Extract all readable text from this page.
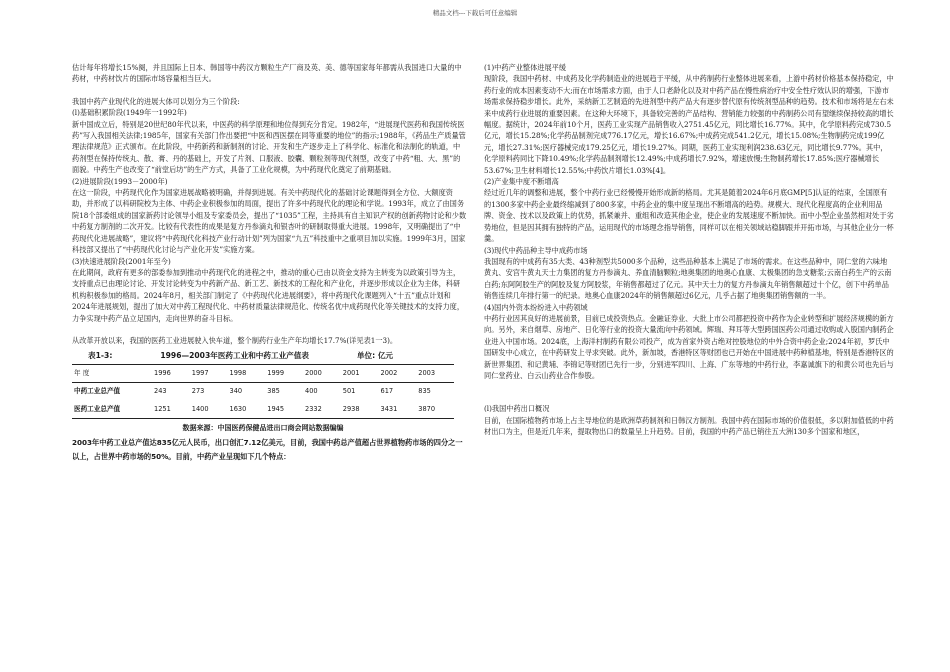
精品文档---下载后可任意编辑

估计每年将增长15%阕，并且国际上日本、韩国等中药汉方颗粒生产厂商及英、美、德等国家每年都需从我国进口大量的中药材，中药材饮片的国际市场容量相当巨大。

我国中药产业现代化的进展大体可以划分为三个阶段:

(l)基础积累阶段(1949年一1992年)

新中国成立后，特别是20世纪80年代以来，中医药的科学原理和地位得到充分肯定。1982年，“进展现代医药和我国传统医药”写入我国相关法律;1985年，国家有关部门作出要把“中医和西医摆在同等重要的地位”的指示;1988年，《药品生产质量管理法律规范》正式颁布。在此阶段，中药新药和新制剂的讨论、开发和生产逐步走上了科学化、标准化和法制化的轨道，中药剂型在保持传统丸、散、膏、丹的基础上，开发了片剂、口服液、胶囊、颗粒剂等现代剂型，改变了中药“粗、大、黑”的面貌。中药生产也改变了“前堂后坊”的生产方式，具备了工业化规模，为中药现代化奠定了前期基础。

(2)进展阶段(1993－2000年)

在这一阶段，中药现代化作为国家进展战略被明确，并得到进展。有关中药现代化的基础讨论课题得到全方位、大额度资助，并形成了以科研院校为主体、中药企业积极参加的局面，提出了许多中药现代化的理论和学说。1993年，成立了由国务院18个部委组成的国家新药讨论领导小组及专家委员会，提出了“1035”工程，主持具有自主知识产权的创新药物讨论和少数中药复方制剂的二次开发。比较有代表性的成果是复方丹参滴丸和银杏叶的研制取得重大进展。1998年，又明确提出了“中药现代化进展战略”，建议将“中药现代化科技产业行动计划”列为国家“九五”科技重中之重项目加以实施。1999年3月，国家科技部又提出了“中药现代化讨论与产业化开发”实施方案。

(3)快速进展阶段(2001年至今)

在此期间，政府有更多的部委参加到推动中药现代化的进程之中，推动的重心已由以资金支持为主转变为以政策引导为主，支持重点已由理论讨论、开发讨论转变为中药新产品、新工艺、新技术的工程化和产业化，并逐步形成以企业为主体，科研机构积极参加的格局。2024年8月，相关部门制定了《中药现代化进展纲要》，将中药现代化课题列入“十五”重点计划和2024年进展规划，提出了加大对中药工程现代化、中药材质量法律规范化、传统名优中成药现代化等关键技术的支持力度，力争实现中药产品立足国内，走向世界的奋斗目标。

从改革开放以来，我国的医药工业进展驶入快车道，整个制药行业生产年均增长17.7%(详见表1一3)。

表1-3:	1996—2003年医药工业和中药工业产值表	单位: 亿元
年 度	1996	1997	1998	1999	2000	2001	2002	2003
中药工业总产值	243	273	340	385	400	501	617	835
医药工业总产值	1251	1400	1630	1945	2332	2938	3431	3870
数据来源：中国医药保健品进出口商会网站数据编编

2003年中药工业总产值达835亿元人民币，出口创汇7.12亿美元，目前，我国中药总产值超占世界植物药市场的四分之一以上，占世界中药市场的50%。目前，中药产业呈现如下几个特点：

(1)中药产业整体进展平缓

现阶段，我国中药材、中成药及化学药制造业的进展趋于平缓，从中药制药行业整体进展来看，上游中药材价格基本保持稳定，中药行业的成本因素变动不大;而在市场需求方面，由于人口老龄化以及对中药产品在慢性病治疗中安全性疗效认识的增强，下游市场需求保持稳步增长。此外，采纳新工艺制造的先进剂型中药产品大有逐步替代原有传统剂型品种的趋势。技术和市场将是左右未来中成药行业进展的重要因素。在这种大环境下，具备较完善的产品结构、营销能力较强的中药制药公司有望继续保持较高的增长幅度。据统计，2024年前10个月，医药工业实现产品销售收入2751.45亿元，同比增长16.77%。其中，化学原料药完成730.5亿元，增长15.28%;化学药品制剂完成776.17亿元，增长16.67%;中成药完成541.2亿元，增长15.08%;生物制药完成199亿元，增长27.31%;医疗器械完成179.25亿元，增长19.27%。同期，医药工业实现利润238.63亿元，同比增长9.77%。其中，化学原料药同比下降10.49%;化学药品制剂增长12.49%;中成药增长7.92%，增速放慢;生物制药增长17.85%;医疗器械增长53.67%;卫生材料增长12.55%;中药饮片增长1.03%[4]。

(2)产业集中度不断增高

经过近几年的调整和进展，整个中药行业已经慢慢开始形成新的格局。尤其是随着2024年6月底GMP[5]认证的结束，全国原有的1300多家中药企业最终缩减到了800多家，中药企业的集中度呈现出不断增高的趋势。规模大、现代化程度高的企业利用品牌、资金、技术以及政策上的优势，抓紧兼并、重组和改造其他企业，使企业的发展速度不断加快。而中小型企业虽然相对处于劣势地位，但是因其拥有独特的产品，运用现代的市场理念指导销售，同样可以在相关领域站稳脚跟并开拓市场，与其他企业分一杯羹。

(3)现代中药品种主导中成药市场

我国现有的中成药有35大类、43种剂型共5000多个品种，这些品种基本上满足了市场的需求。在这些品种中，同仁堂的六味地黄丸、安宫牛黄丸天士力集团的复方丹参滴丸、养血清脑颗粒;地奥集团的地奥心血康、太极集团的急支糖浆;云南白药生产的云南白药;东阿阿胶生产的阿胶及复方阿胶浆，年销售都超过了亿元。其中天士力的复方丹参滴丸年销售额超过十个亿，创下中药单品销售连续几年排行第一的纪录。地奥心血康2024年的销售额超过6亿元，几乎占据了地奥集团销售额的一半。

(4)国内外资本纷纷进入中药领域

中药行业因其良好的进展前景，目前已成投资热点。金融证券业、大批上市公司都把投资中药作为企业转型和扩展经济规模的新方向。另外，来自烟草、房地产、日化等行业的投资大量流向中药领域。辉瑞、拜耳等大型跨国医药公司通过收购或入股国内制药企业进入中国市场。2024底，上海洋村制药有限公司投产，成为首家外资占绝对控股地位的中外合资中药企业;2024年初，罗氏中国研发中心成立，在中药研发上寻求突破。此外，新加坡，香港特区等财团也已开始在中国进展中药种植基地，特别是香港特区的新世界集团、和记黄埔、李锦记等财团已先行一步，分别进军四川、上海、广东等地的中药行业，李嘉诚旗下的和黄公司也先后与同仁堂药业、白云山药业合作参股。

(l)我国中药出口概况

目前，在国际植物药市场上占主导地位的是欧洲草药制剂和日韩汉方制剂。我国中药在国际市场的价值很低，多以附加值低的中药材出口为主，但是近几年来，提取物出口的数量呈上升趋势。目前，我国的中药产品已销往五大洲130多个国家和地区，
